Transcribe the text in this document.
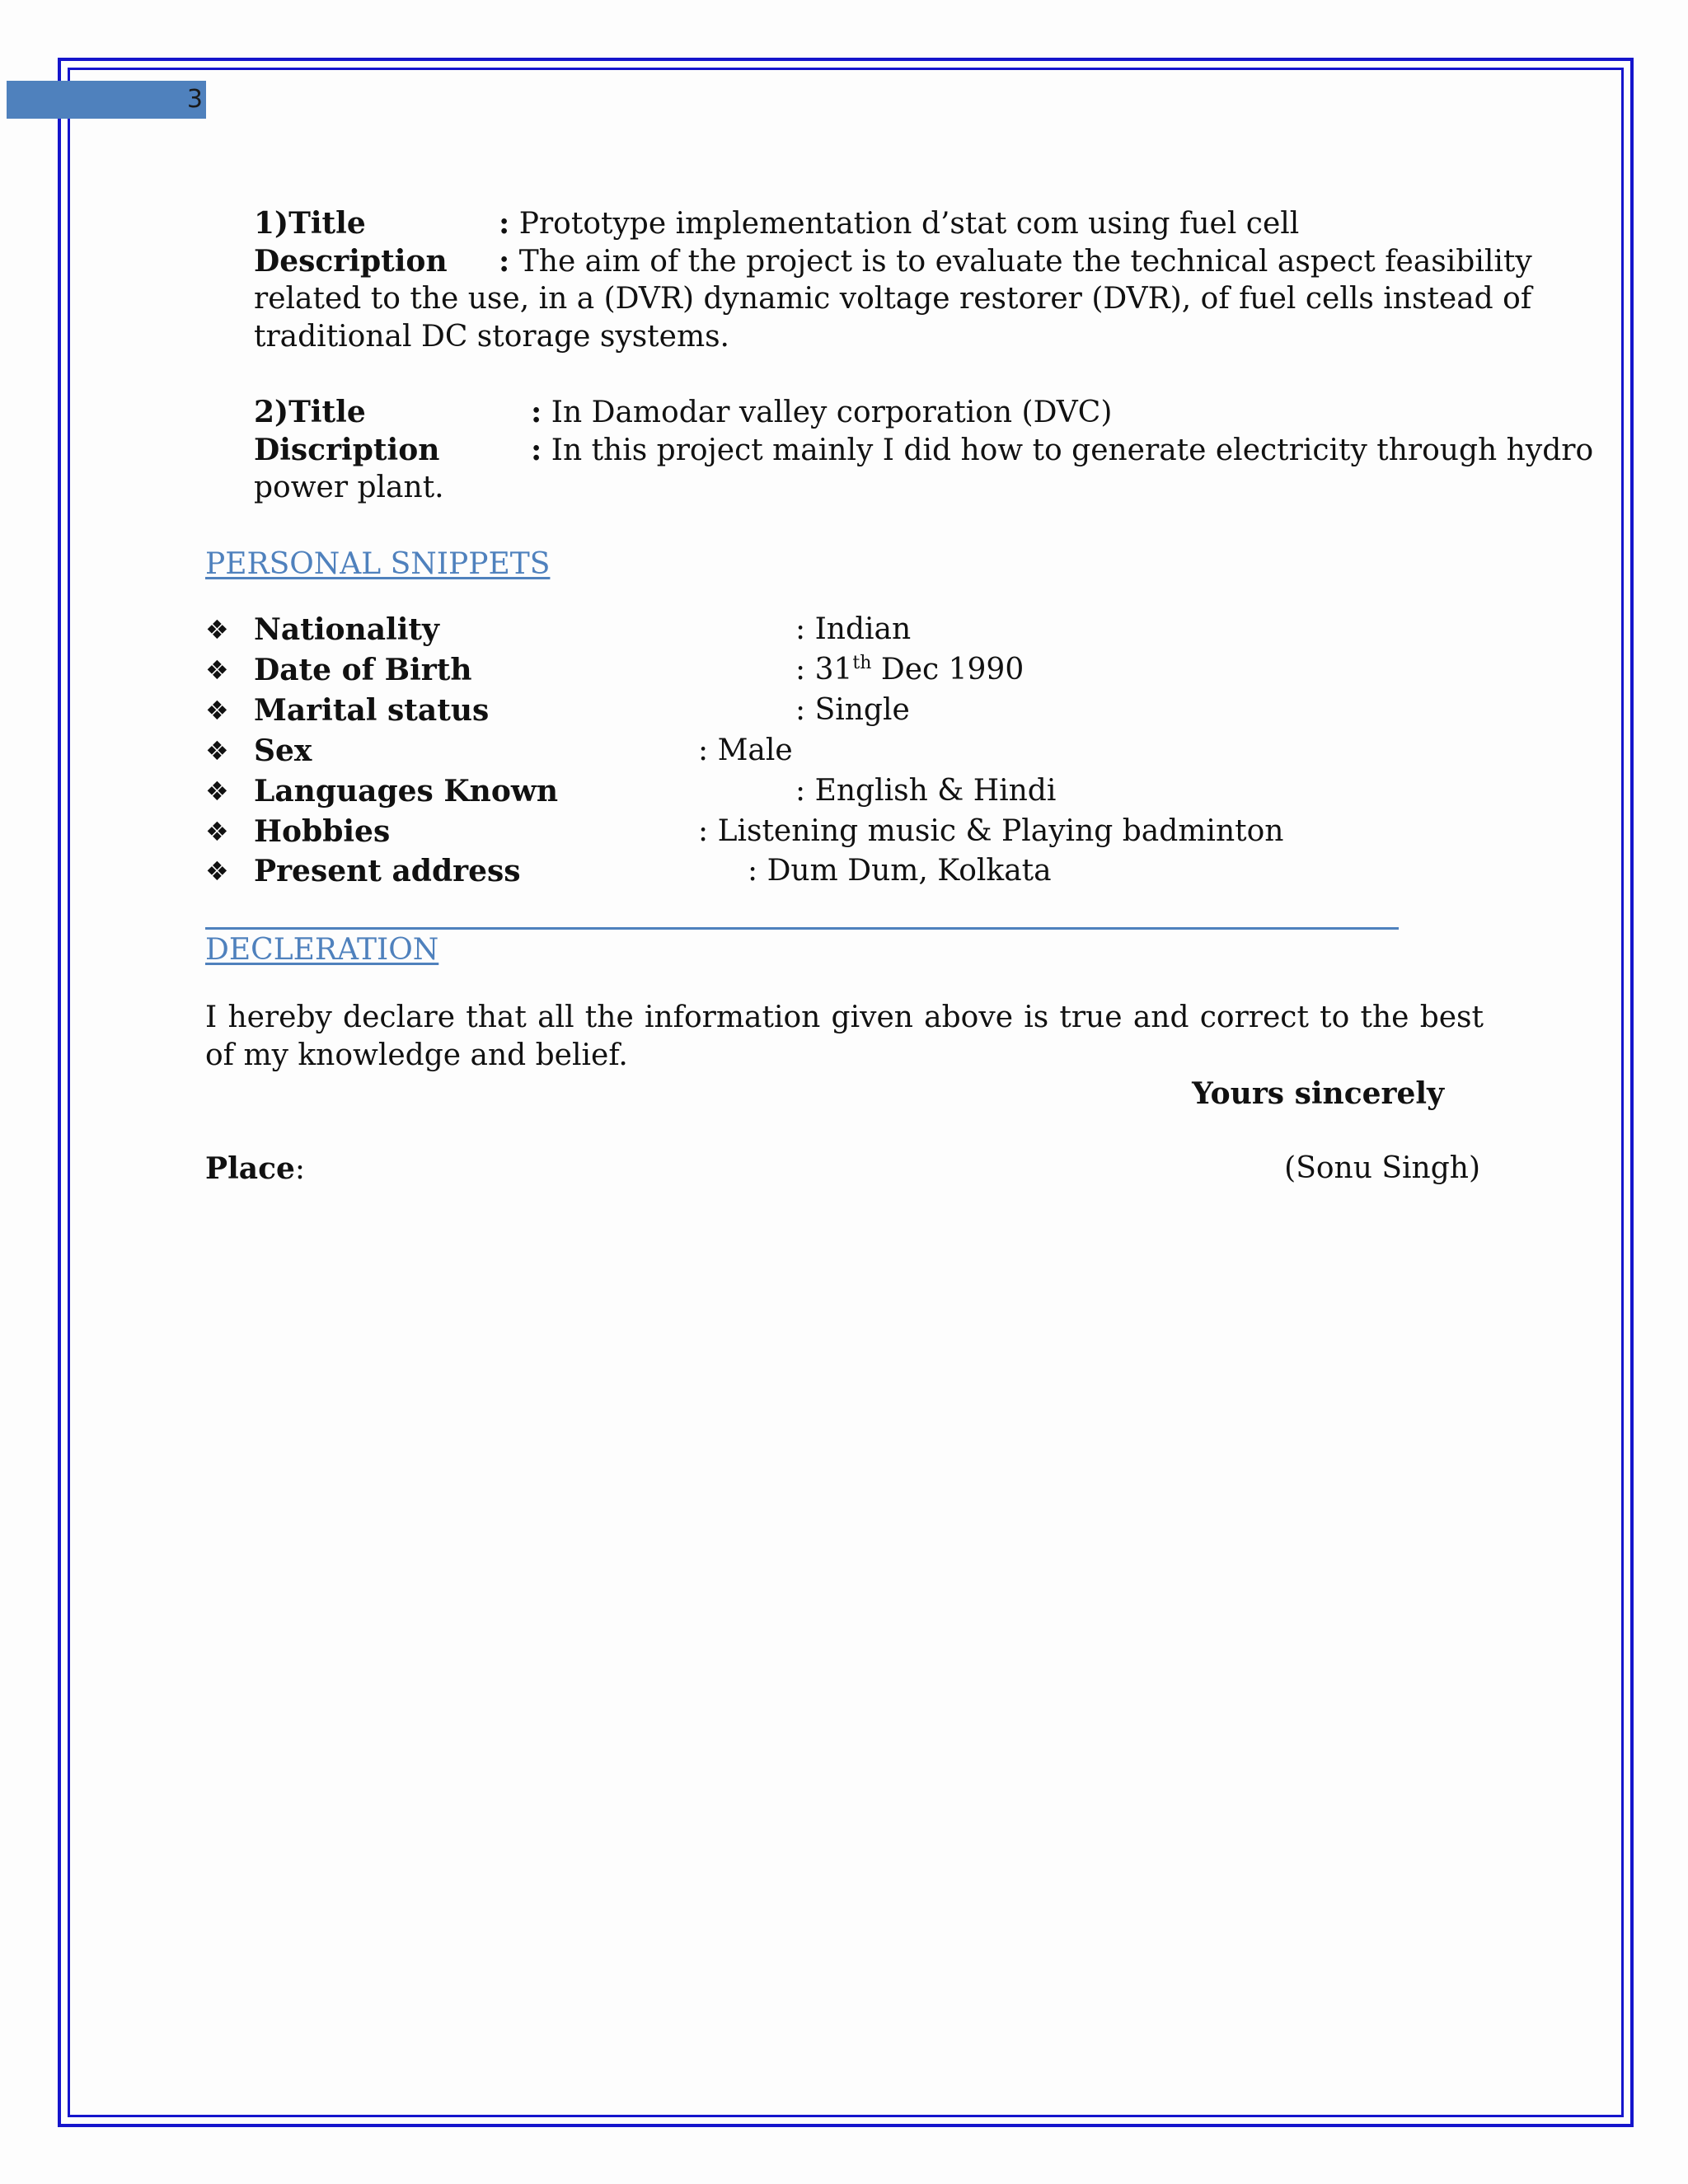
3
1)Title	: Prototype implementation d’stat com using fuel cell
Description : The aim of the project is to evaluate the technical aspect feasibility
related to the use, in a (DVR) dynamic voltage restorer (DVR), of fuel cells instead of
traditional DC storage systems.
2)Title	: In Damodar valley corporation (DVC)
Discription	: In this project mainly I did how to generate electricity through hydro
power plant.
PERSONAL SNIPPETS
❖ Nationality	: Indian
❖ Date of Birth	: 31th Dec 1990
❖ Marital status	: Single
❖ Sex	: Male
❖ Languages Known	: English & Hindi
❖ Hobbies	: Listening music & Playing badminton
❖ Present address	: Dum Dum, Kolkata
DECLERATION
I hereby declare that all the information given above is true and correct to the best of my knowledge and belief.
Yours sincerely
Place:	(Sonu Singh)
